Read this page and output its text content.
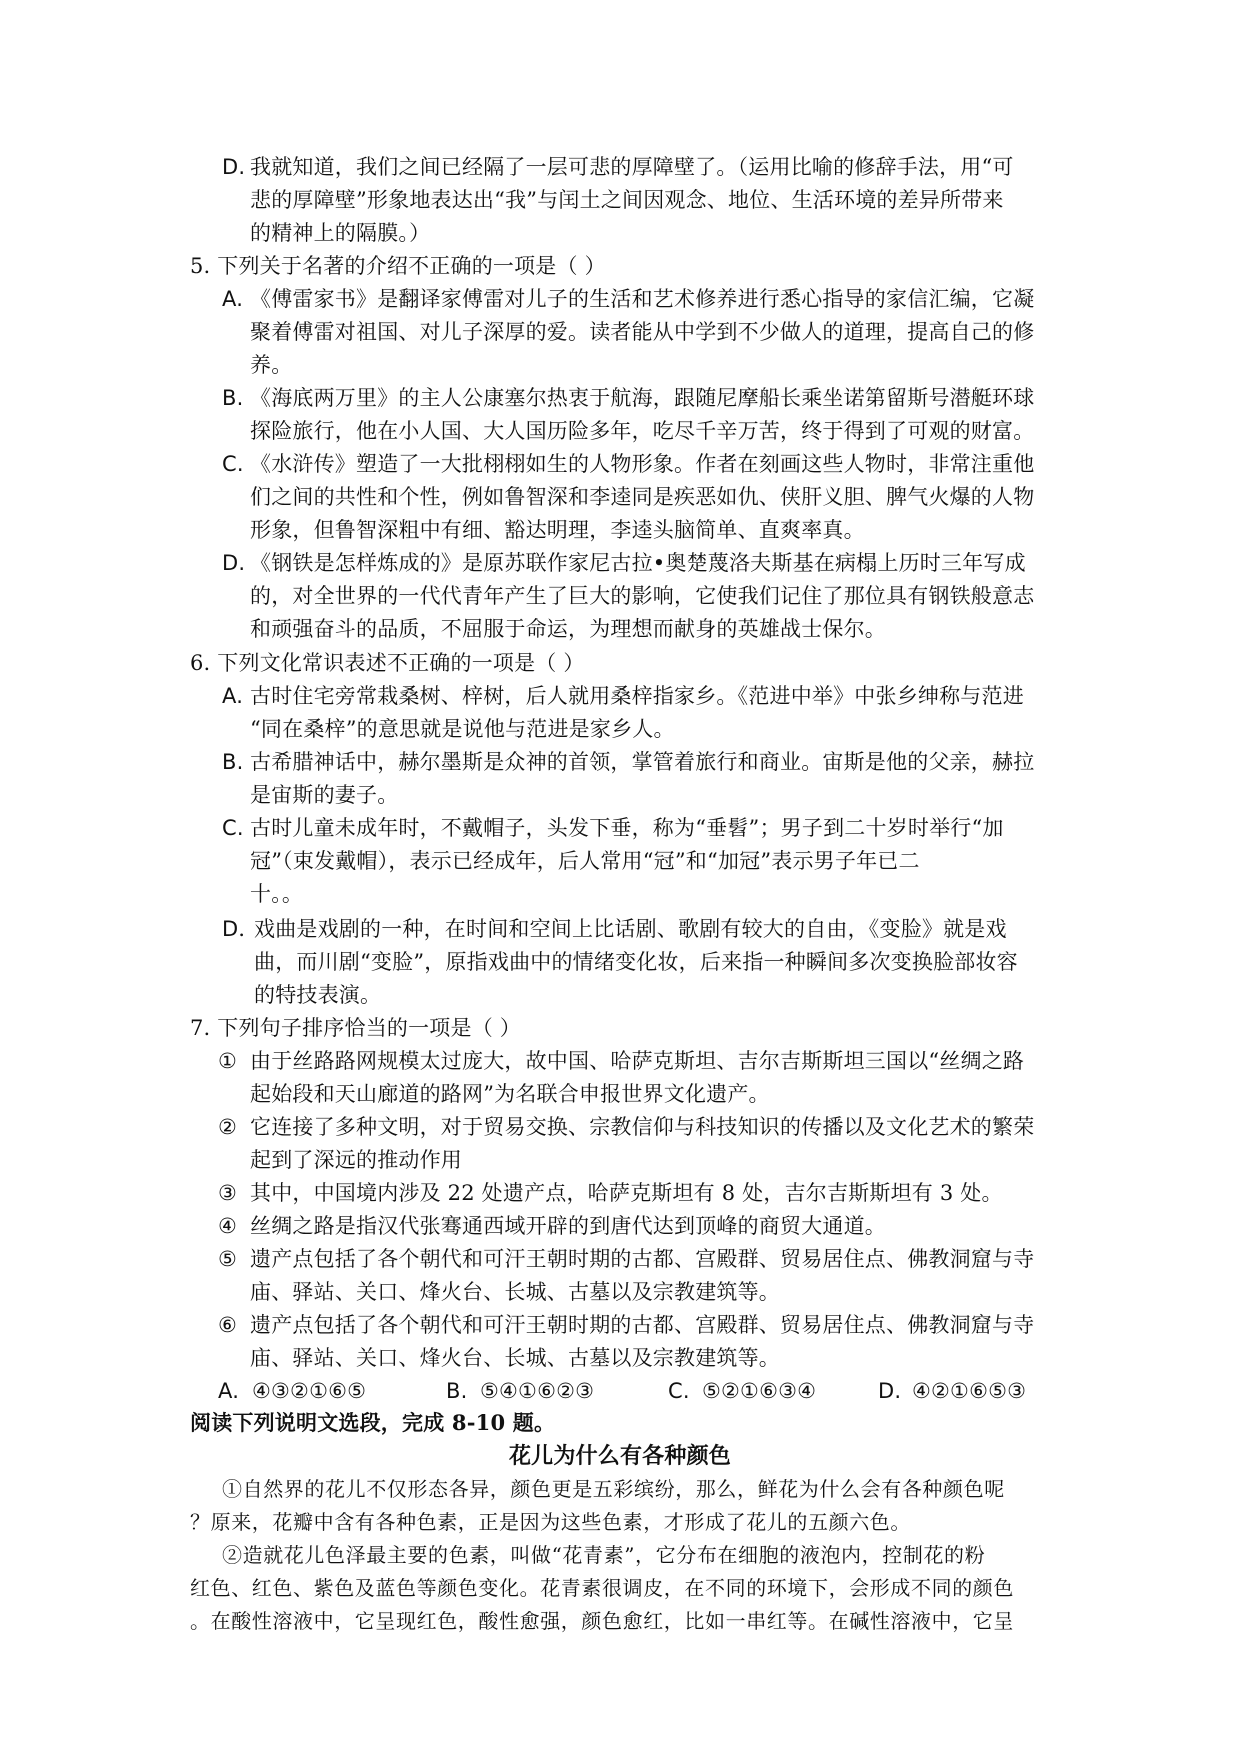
D. 我就知道，我们之间已经隔了一层可悲的厚障壁了。（运用比喻的修辞手法，用“可
悲的厚障壁”形象地表达出“我”与闰土之间因观念、地位、生活环境的差异所带来
的精神上的隔膜。）
5. 下列关于名著的介绍不正确的一项是（ ）
A. 《傅雷家书》是翻译家傅雷对儿子的生活和艺术修养进行悉心指导的家信汇编，它凝
聚着傅雷对祖国、对儿子深厚的爱。读者能从中学到不少做人的道理，提高自己的修
养。
B. 《海底两万里》的主人公康塞尔热衷于航海，跟随尼摩船长乘坐诺第留斯号潜艇环球
探险旅行，他在小人国、大人国历险多年，吃尽千辛万苦，终于得到了可观的财富。
C. 《水浒传》塑造了一大批栩栩如生的人物形象。作者在刻画这些人物时，非常注重他
们之间的共性和个性，例如鲁智深和李逵同是疾恶如仇、侠肝义胆、脾气火爆的人物
形象，但鲁智深粗中有细、豁达明理，李逵头脑简单、直爽率真。
D. 《钢铁是怎样炼成的》是原苏联作家尼古拉•奥楚蔑洛夫斯基在病榻上历时三年写成
的，对全世界的一代代青年产生了巨大的影响，它使我们记住了那位具有钢铁般意志
和顽强奋斗的品质，不屈服于命运，为理想而献身的英雄战士保尔。
6. 下列文化常识表述不正确的一项是（ ）
A. 古时住宅旁常栽桑树、梓树，后人就用桑梓指家乡。《范进中举》中张乡绅称与范进
“同在桑梓”的意思就是说他与范进是家乡人。
B. 古希腊神话中，赫尔墨斯是众神的首领，掌管着旅行和商业。宙斯是他的父亲，赫拉
是宙斯的妻子。
C. 古时儿童未成年时，不戴帽子，头发下垂，称为“垂髫”；男子到二十岁时举行“加
冠”（束发戴帽），表示已经成年，后人常用“冠”和“加冠”表示男子年已二
十。。
D．戏曲是戏剧的一种，在时间和空间上比话剧、歌剧有较大的自由，《变脸》就是戏
曲，而川剧“变脸”，原指戏曲中的情绪变化妆，后来指一种瞬间多次变换脸部妆容
的特技表演。
7. 下列句子排序恰当的一项是（ ）
① 由于丝路路网规模太过庞大，故中国、哈萨克斯坦、吉尔吉斯斯坦三国以“丝绸之路
起始段和天山廊道的路网”为名联合申报世界文化遗产。
② 它连接了多种文明，对于贸易交换、宗教信仰与科技知识的传播以及文化艺术的繁荣
起到了深远的推动作用
③ 其中，中国境内涉及 22 处遗产点，哈萨克斯坦有 8 处，吉尔吉斯斯坦有 3 处。
④ 丝绸之路是指汉代张骞通西域开辟的到唐代达到顶峰的商贸大通道。
⑤ 遗产点包括了各个朝代和可汗王朝时期的古都、宫殿群、贸易居住点、佛教洞窟与寺
庙、驿站、关口、烽火台、长城、古墓以及宗教建筑等。
⑥ 遗产点包括了各个朝代和可汗王朝时期的古都、宫殿群、贸易居住点、佛教洞窟与寺
庙、驿站、关口、烽火台、长城、古墓以及宗教建筑等。
A. ④③②①⑥⑤	B. ⑤④①⑥②③	C. ⑤②①⑥③④	D. ④②①⑥⑤③
阅读下列说明文选段，完成 8-10 题。
花儿为什么有各种颜色
①自然界的花儿不仅形态各异，颜色更是五彩缤纷，那么，鲜花为什么会有各种颜色呢
？原来，花瓣中含有各种色素，正是因为这些色素，才形成了花儿的五颜六色。
②造就花儿色泽最主要的色素，叫做“花青素”，它分布在细胞的液泡内，控制花的粉
红色、红色、紫色及蓝色等颜色变化。花青素很调皮，在不同的环境下，会形成不同的颜色
。在酸性溶液中，它呈现红色，酸性愈强，颜色愈红，比如一串红等。在碱性溶液中，它呈
